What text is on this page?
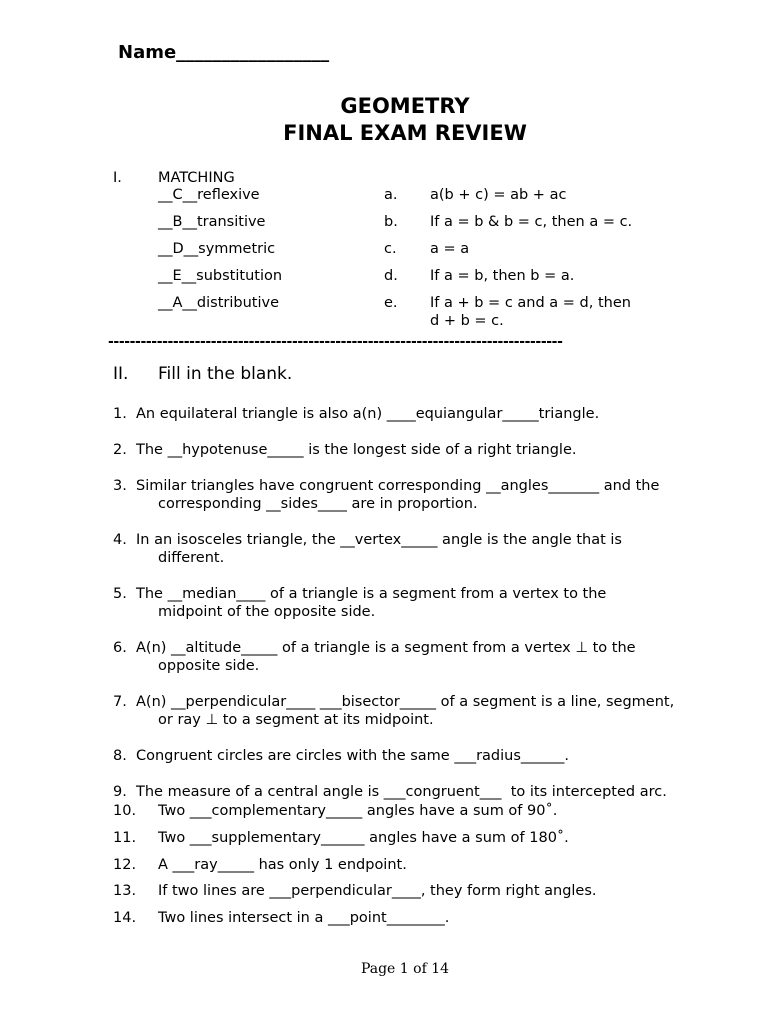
Name_________________
GEOMETRY
FINAL EXAM REVIEW
I. MATCHING
__C__reflexive
__B__transitive
__D__symmetric
__E__substitution
__A__distributive
a.
b.
c.
d.
e.
a(b + c) = ab + ac
If a = b & b = c, then a = c.
a = a
If a = b, then b = a.
If a + b = c and a = d, then
d + b = c.
------------------------------------------------------------------------------------
II. Fill in the blank.
1. An equilateral triangle is also a(n) ____equiangular_____triangle.
2. The __hypotenuse_____ is the longest side of a right triangle.
3. Similar triangles have congruent corresponding __angles_______ and the
corresponding __sides____ are in proportion.
4. In an isosceles triangle, the __vertex_____ angle is the angle that is
different.
5. The __median____ of a triangle is a segment from a vertex to the
midpoint of the opposite side.
6. A(n) __altitude_____ of a triangle is a segment from a vertex ⊥ to the
opposite side.
7. A(n) __perpendicular____ ___bisector_____ of a segment is a line, segment,
or ray ⊥ to a segment at its midpoint.
8. Congruent circles are circles with the same ___radius______.
9. The measure of a central angle is ___congruent___  to its intercepted arc.
10. Two ___complementary_____ angles have a sum of 90˚.
11. Two ___supplementary______ angles have a sum of 180˚.
12. A ___ray_____ has only 1 endpoint.
13. If two lines are ___perpendicular____, they form right angles.
14. Two lines intersect in a ___point________.
Page 1 of 14
